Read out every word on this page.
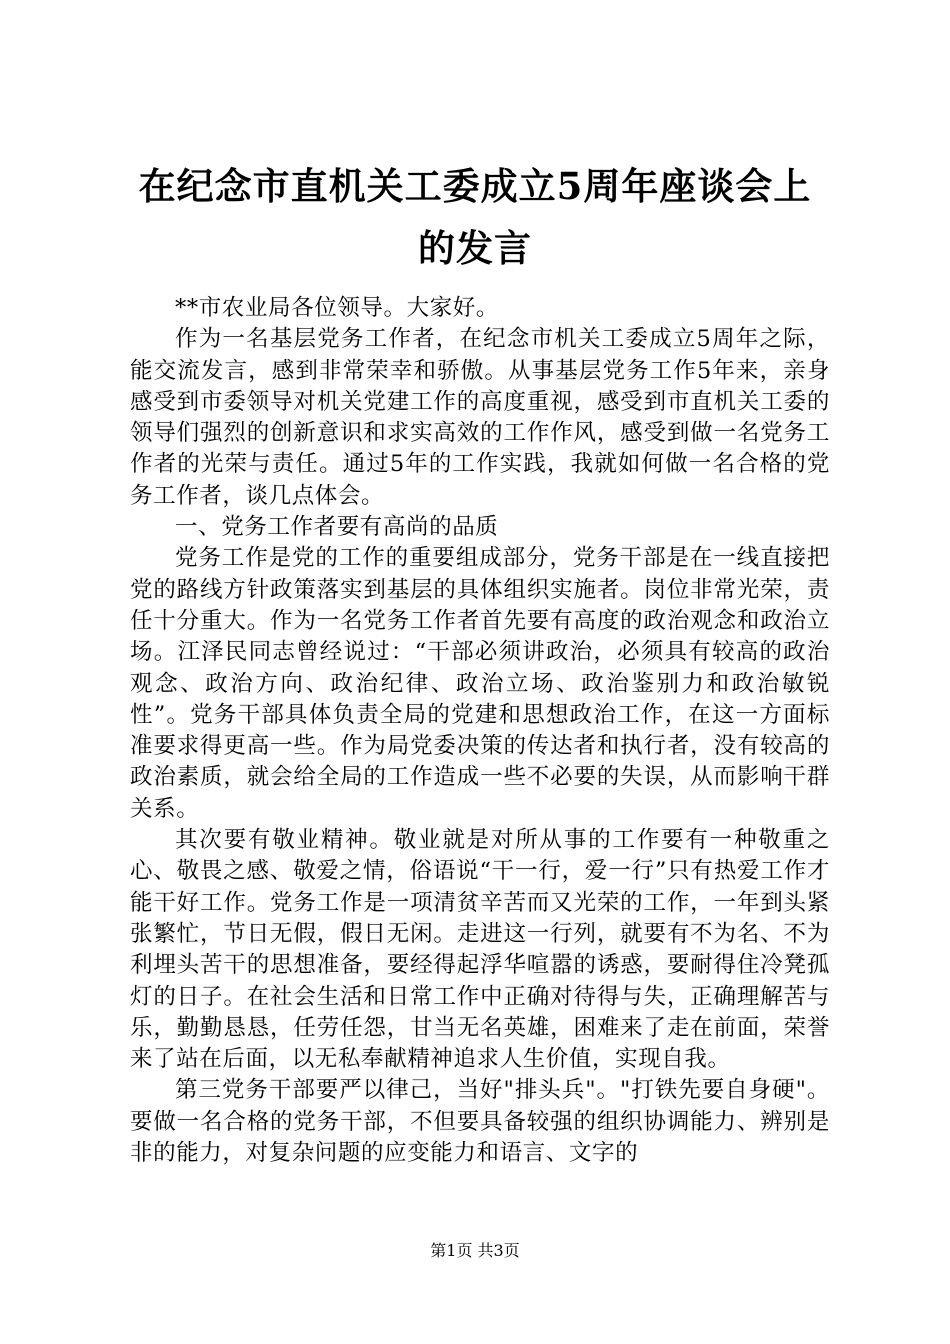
在纪念市直机关工委成立5周年座谈会上的发言

**市农业局各位领导。大家好。

作为一名基层党务工作者，在纪念市机关工委成立5周年之际，能交流发言，感到非常荣幸和骄傲。从事基层党务工作5年来，亲身感受到市委领导对机关党建工作的高度重视，感受到市直机关工委的领导们强烈的创新意识和求实高效的工作作风，感受到做一名党务工作者的光荣与责任。通过5年的工作实践，我就如何做一名合格的党务工作者，谈几点体会。

一、党务工作者要有高尚的品质

党务工作是党的工作的重要组成部分，党务干部是在一线直接把党的路线方针政策落实到基层的具体组织实施者。岗位非常光荣，责任十分重大。作为一名党务工作者首先要有高度的政治观念和政治立场。江泽民同志曾经说过：“干部必须讲政治，必须具有较高的政治观念、政治方向、政治纪律、政治立场、政治鉴别力和政治敏锐性”。党务干部具体负责全局的党建和思想政治工作，在这一方面标准要求得更高一些。作为局党委决策的传达者和执行者，没有较高的政治素质，就会给全局的工作造成一些不必要的失误，从而影响干群关系。

其次要有敬业精神。敬业就是对所从事的工作要有一种敬重之心、敬畏之感、敬爱之情，俗语说“干一行，爱一行”只有热爱工作才能干好工作。党务工作是一项清贫辛苦而又光荣的工作，一年到头紧张繁忙，节日无假，假日无闲。走进这一行列，就要有不为名、不为利埋头苦干的思想准备，要经得起浮华喧嚣的诱惑，要耐得住冷凳孤灯的日子。在社会生活和日常工作中正确对待得与失，正确理解苦与乐，勤勤恳恳，任劳任怨，甘当无名英雄，困难来了走在前面，荣誉来了站在后面，以无私奉献精神追求人生价值，实现自我。

第三党务干部要严以律己，当好"排头兵"。"打铁先要自身硬"。要做一名合格的党务干部，不但要具备较强的组织协调能力、辨别是非的能力，对复杂问题的应变能力和语言、文字的

第1页 共3页
